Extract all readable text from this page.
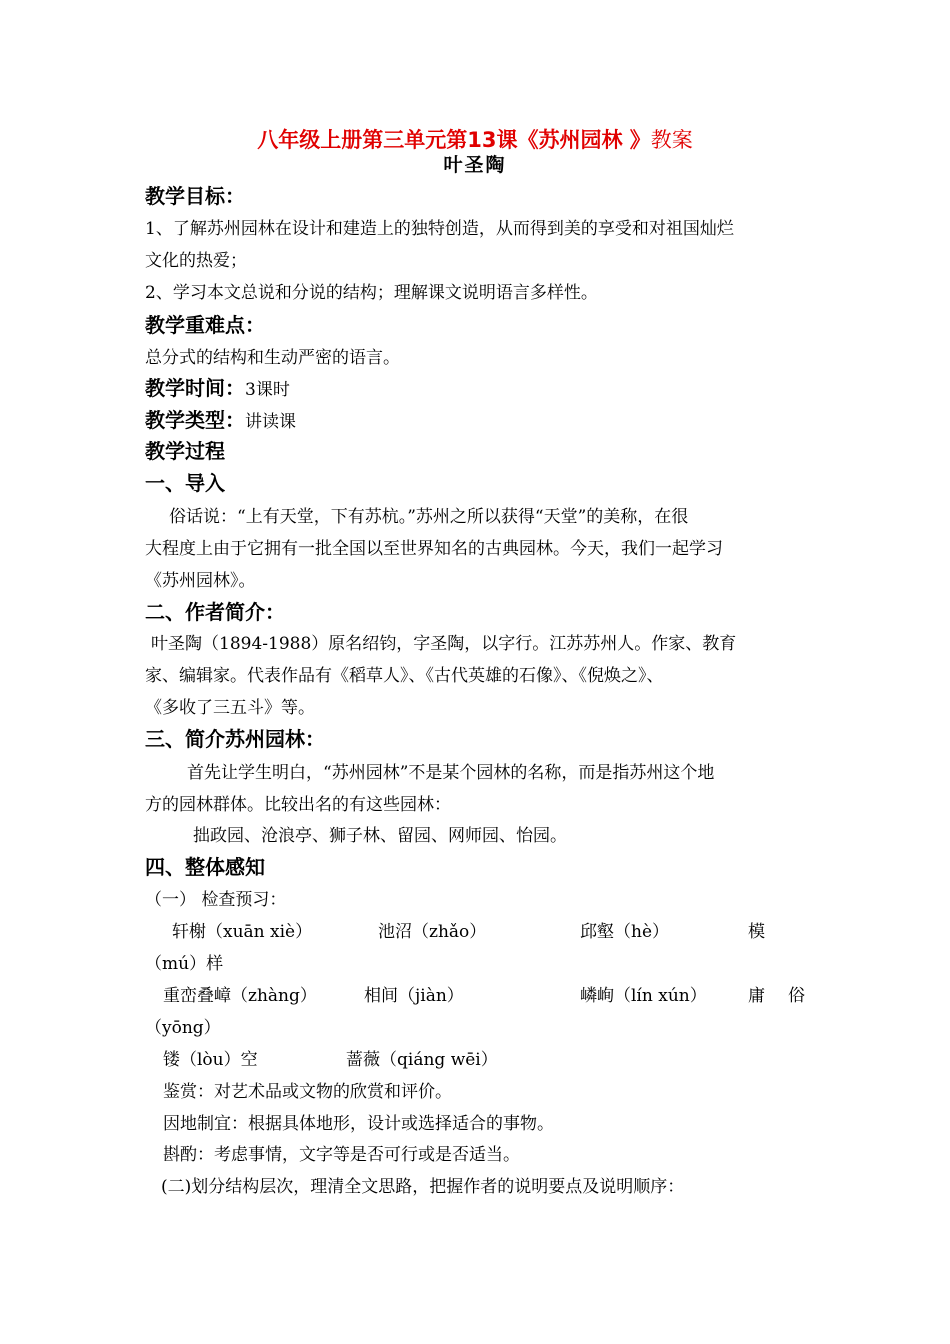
八年级上册第三单元第13课《苏州园林 》教案
叶圣陶
教学目标：
1、了解苏州园林在设计和建造上的独特创造，从而得到美的享受和对祖国灿烂
文化的热爱；
2、学习本文总说和分说的结构；理解课文说明语言多样性。
教学重难点：
总分式的结构和生动严密的语言。
教学时间：3课时
教学类型：讲读课
教学过程
一、导入
俗话说：“上有天堂，下有苏杭。”苏州之所以获得“天堂”的美称，在很
大程度上由于它拥有一批全国以至世界知名的古典园林。今天，我们一起学习
《苏州园林》。
二、作者简介：
叶圣陶（1894-1988）原名绍钧，字圣陶，以字行。江苏苏州人。作家、教育
家、编辑家。代表作品有《稻草人》、《古代英雄的石像》、《倪焕之》、
《多收了三五斗》等。
三、简介苏州园林：
首先让学生明白，“苏州园林”不是某个园林的名称，而是指苏州这个地
方的园林群体。比较出名的有这些园林：
拙政园、沧浪亭、狮子林、留园、网师园、怡园。
四、整体感知
（一） 检查预习：
轩榭（xuān xiè）	池沼（zhǎo）	邱壑（hè）	模
（mú）样
重峦叠嶂（zhàng）	相间（jiàn）	嶙峋（lín xún） 庸 俗
（yōng）
镂（lòu）空	蔷薇（qiáng wēi）
鉴赏：对艺术品或文物的欣赏和评价。
因地制宜：根据具体地形，设计或选择适合的事物。
斟酌：考虑事情，文字等是否可行或是否适当。
(二)划分结构层次，理清全文思路，把握作者的说明要点及说明顺序：
